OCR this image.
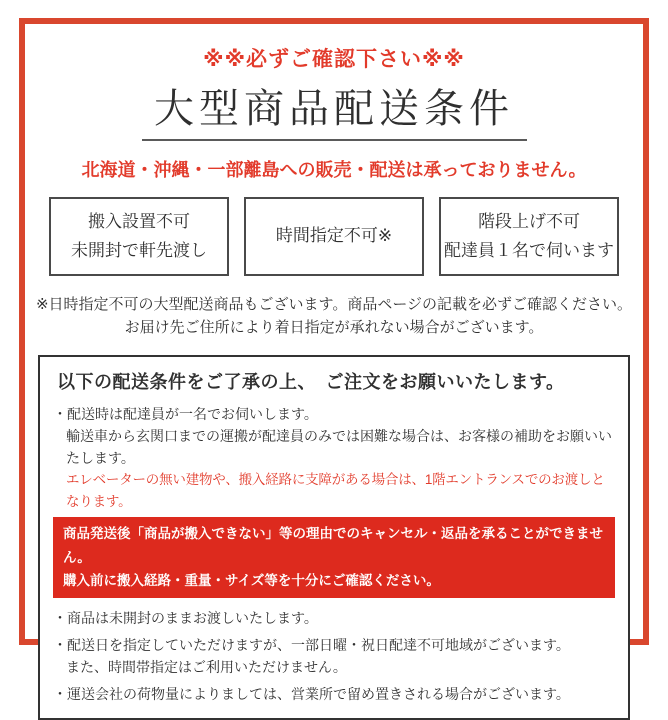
※※必ずご確認下さい※※
大型商品配送条件
北海道・沖縄・一部離島への販売・配送は承っておりません。
搬入設置不可
未開封で軒先渡し
時間指定不可※
階段上げ不可
配達員１名で伺います
※日時指定不可の大型配送商品もございます。商品ページの記載を必ずご確認ください。
お届け先ご住所により着日指定が承れない場合がございます。
以下の配送条件をご了承の上、　ご注文をお願いいたします。
・配送時は配達員が一名でお伺いします。
輸送車から玄関口までの運搬が配達員のみでは困難な場合は、お客様の補助をお願いいたします。
エレベーターの無い建物や、搬入経路に支障がある場合は、1階エントランスでのお渡しとなります。
商品発送後「商品が搬入できない」等の理由でのキャンセル・返品を承ることができません。
購入前に搬入経路・重量・サイズ等を十分にご確認ください。
・商品は未開封のままお渡しいたします。
・配送日を指定していただけますが、一部日曜・祝日配達不可地域がございます。
また、時間帯指定はご利用いただけません。
・運送会社の荷物量によりましては、営業所で留め置きされる場合がございます。
